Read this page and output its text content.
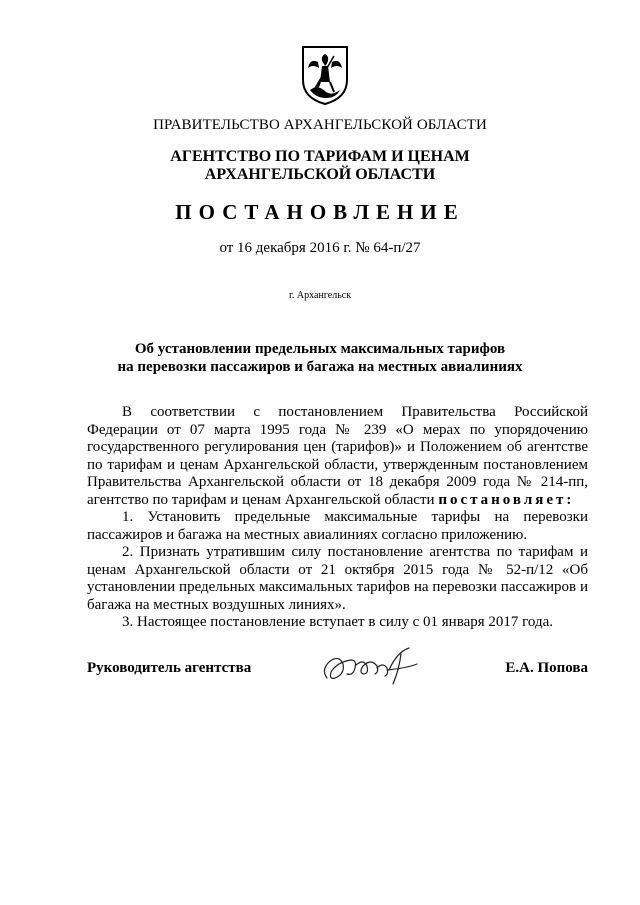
ПРАВИТЕЛЬСТВО АРХАНГЕЛЬСКОЙ ОБЛАСТИ
АГЕНТСТВО ПО ТАРИФАМ И ЦЕНАМ
АРХАНГЕЛЬСКОЙ ОБЛАСТИ
ПОСТАНОВЛЕНИЕ
от 16 декабря 2016 г. № 64-п/27
г. Архангельск
Об установлении предельных максимальных тарифов
на перевозки пассажиров и багажа на местных авиалиниях

В соответствии с постановлением Правительства Российской Федерации от 07 марта 1995 года № 239 «О мерах по упорядочению государственного регулирования цен (тарифов)» и Положением об агентстве по тарифам и ценам Архангельской области, утвержденным постановлением Правительства Архангельской области от 18 декабря 2009 года № 214-пп, агентство по тарифам и ценам Архангельской области постановляет:

1. Установить предельные максимальные тарифы на перевозки пассажиров и багажа на местных авиалиниях согласно приложению.

2. Признать утратившим силу постановление агентства по тарифам и ценам Архангельской области от 21 октября 2015 года № 52-п/12 «Об установлении предельных максимальных тарифов на перевозки пассажиров и багажа на местных воздушных линиях».

3. Настоящее постановление вступает в силу с 01 января 2017 года.

Руководитель агентства	Е.А. Попова
